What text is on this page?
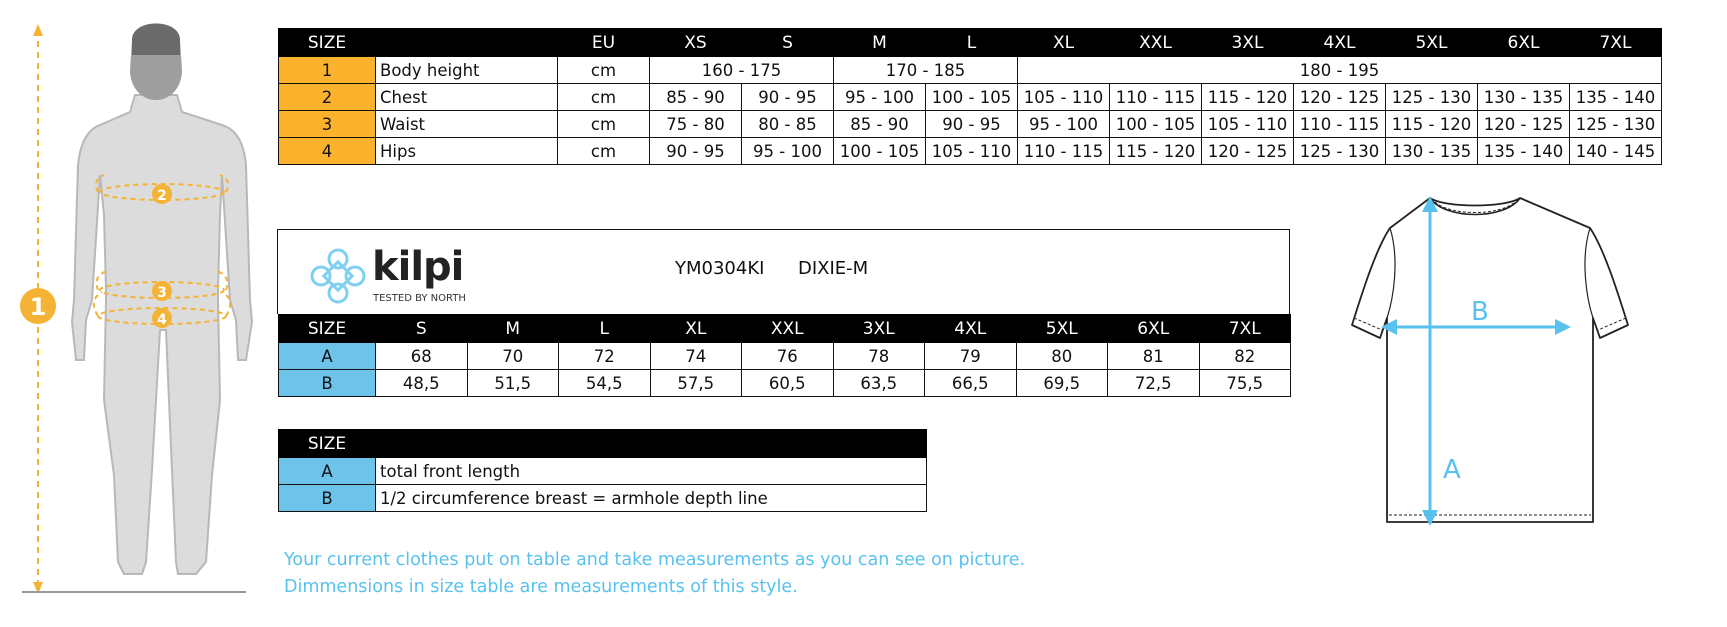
1
2
3
4
SIZE		EU	XS	S	M	L	XL	XXL	3XL	4XL	5XL	6XL	7XL
1	Body height	cm	160 - 175		170 - 185		180 - 195						
2	Chest	cm	85 - 90	90 - 95	95 - 100	100 - 105	105 - 110	110 - 115	115 - 120	120 - 125	125 - 130	130 - 135	135 - 140
3	Waist	cm	75 - 80	80 - 85	85 - 90	90 - 95	95 - 100	100 - 105	105 - 110	110 - 115	115 - 120	120 - 125	125 - 130
4	Hips	cm	90 - 95	95 - 100	100 - 105	105 - 110	110 - 115	115 - 120	120 - 125	125 - 130	130 - 135	135 - 140	140 - 145
kilpi
TESTED BY NORTH
YM0304KI DIXIE-M
SIZE	S	M	L	XL	XXL	3XL	4XL	5XL	6XL	7XL
A	68	70	72	74	76	78	79	80	81	82
B	48,5	51,5	54,5	57,5	60,5	63,5	66,5	69,5	72,5	75,5
SIZE	
A	total front length
B	1/2 circumference breast = armhole depth line
Your current clothes put on table and take measurements as you can see on picture.
Dimmensions in size table are measurements of this style.
A
B
